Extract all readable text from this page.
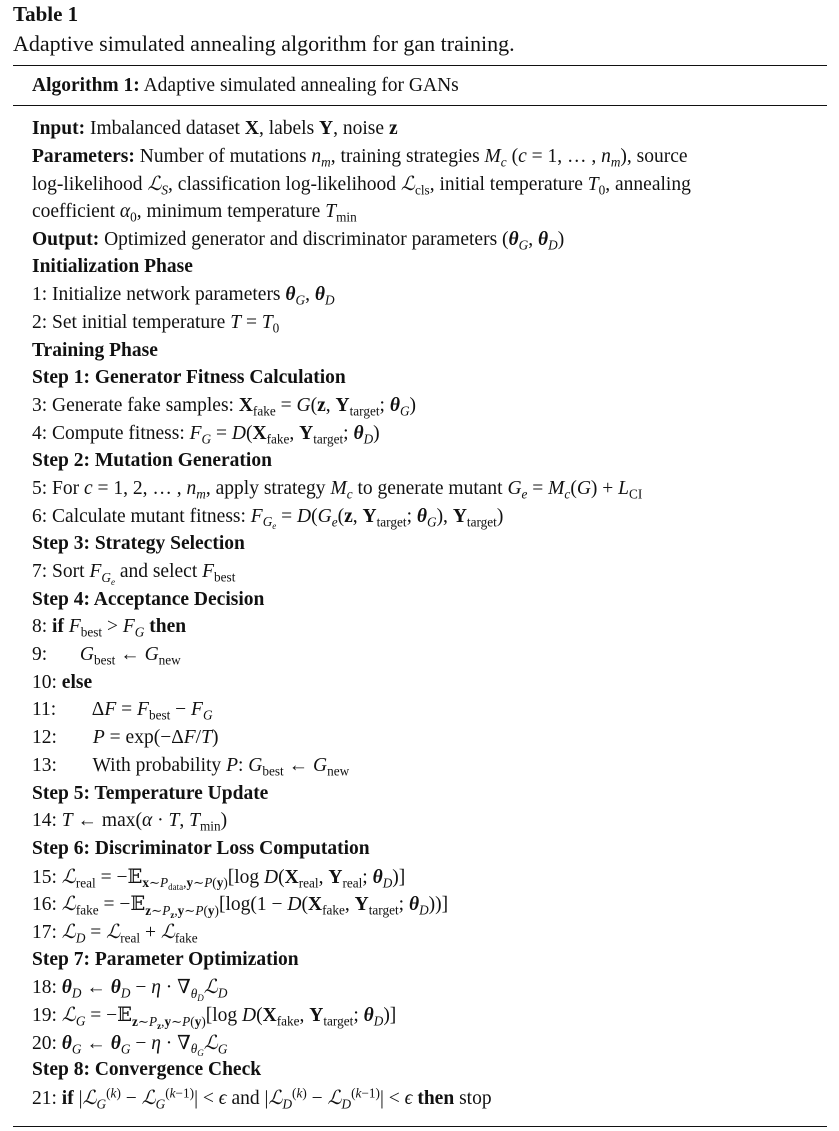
Table 1
Adaptive simulated annealing algorithm for gan training.
Algorithm 1: Adaptive simulated annealing for GANs
Input: Imbalanced dataset X, labels Y, noise z
Parameters: Number of mutations $n_m$, training strategies $M_c$ (c = 1, … , $n_m$), source
log-likelihood ℒ$_S$, classification log-likelihood ℒ$_{cls}$, initial temperature $T_0$, annealing
coefficient $\alpha_0$, minimum temperature $T_{min}$
Output: Optimized generator and discriminator parameters ($\theta_G$, $\theta_D$)
Initialization Phase
1: Initialize network parameters $\theta_G$, $\theta_D$
2: Set initial temperature $T = T_0$
Training Phase
Step 1: Generator Fitness Calculation
3: Generate fake samples: $X_{fake} = G(z$, $Y_{target}$; $\theta_G$)
4: Compute fitness: $F_G = D(X_{fake}$, $Y_{target}$; $\theta_D$)
Step 2: Mutation Generation
5: For c = 1, 2, … , $n_m$, apply strategy $M_c$ to generate mutant $G_e = M_c(G) + L_{CI}$
6: Calculate mutant fitness: $F_{G_e} = D(G_e(z$, $Y_{target}$; $\theta_G$), $Y_{target}$)
Step 3: Strategy Selection
7: Sort $F_{G_e}$ and select $F_{best}$
Step 4: Acceptance Decision
8: if $F_{best} > F_G$ then
9: $G_{best}$ ← $G_{new}$
10: else
11: $\Delta F = F_{best} - F_G$
12: P = exp(−ΔF/T)
13: With probability P: $G_{best}$ ← $G_{new}$
Step 5: Temperature Update
14: T ← max(α · T, $T_{min}$)
Step 6: Discriminator Loss Computation
15: ℒ$_{real}$ = −𝔼$_{x\sim P_{data},y\sim P(y)}$[log $D(X_{real}$, $Y_{real}$; $\theta_D$)]
16: ℒ$_{fake}$ = −𝔼$_{z\sim P_z,y\sim P(y)}$[log(1 − $D(X_{fake}$, $Y_{target}$; $\theta_D$))]
17: ℒ$_D$ = ℒ$_{real}$ + ℒ$_{fake}$
Step 7: Parameter Optimization
18: $\theta_D$ ← $\theta_D - \eta$ · $\nabla_{\theta_D}ℒ_D$
19: ℒ$_G$ = −𝔼$_{z\sim P_z,y\sim P(y)}$[log $D(X_{fake}$, $Y_{target}$; $\theta_D$)]
20: $\theta_G$ ← $\theta_G - \eta$ · $\nabla_{\theta_G}ℒ_G$
Step 8: Convergence Check
21: if |ℒ$_G^{(k)}$ − ℒ$_G^{(k-1)}$| < ϵ and |ℒ$_D^{(k)}$ − ℒ$_D^{(k-1)}$| < ϵ then stop
